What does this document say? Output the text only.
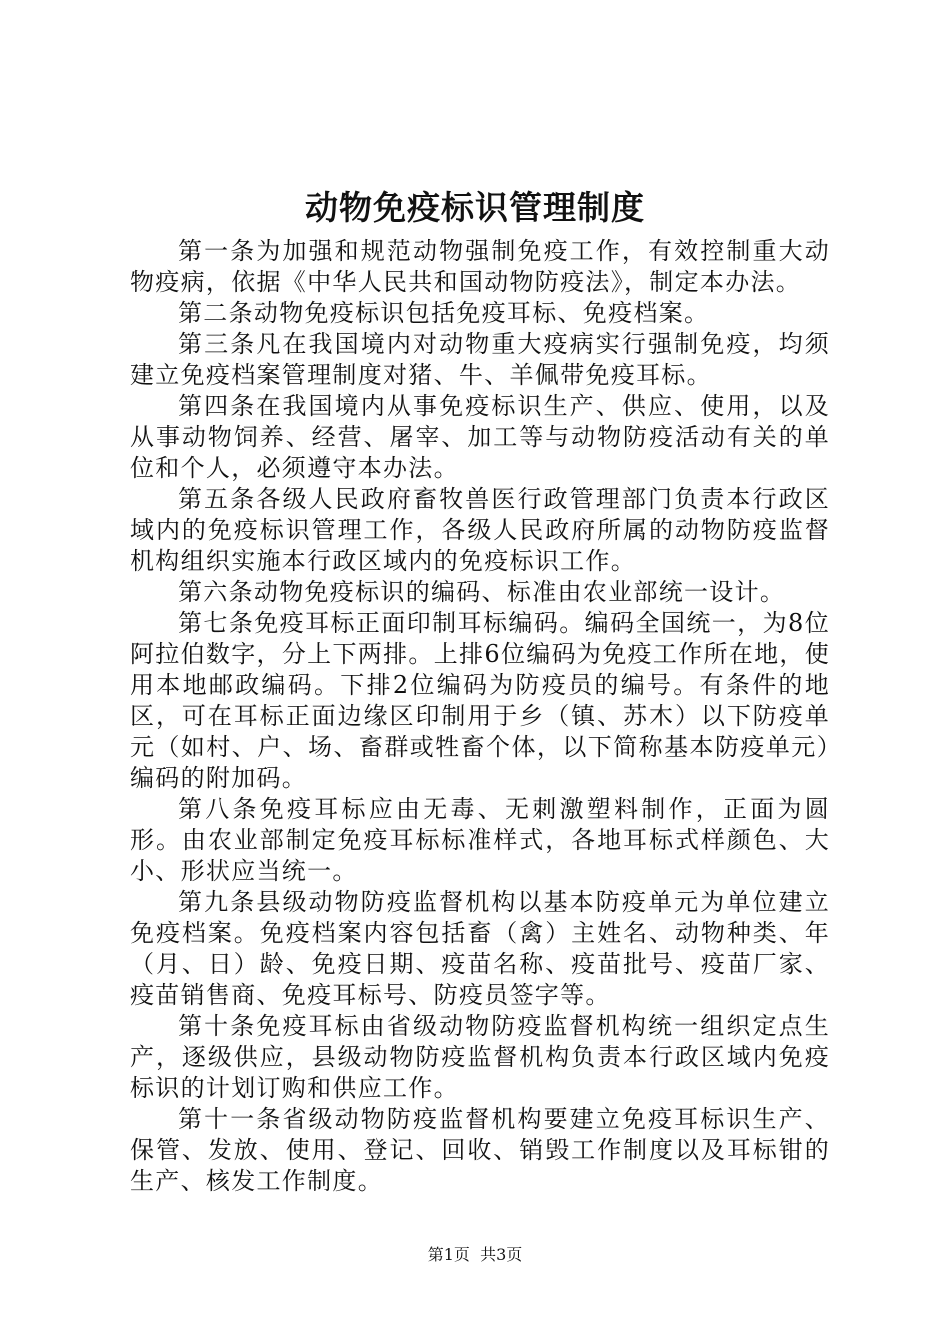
动物免疫标识管理制度

第一条为加强和规范动物强制免疫工作，有效控制重大动物疫病，依据《中华人民共和国动物防疫法》，制定本办法。

第二条动物免疫标识包括免疫耳标、免疫档案。

第三条凡在我国境内对动物重大疫病实行强制免疫，均须建立免疫档案管理制度对猪、牛、羊佩带免疫耳标。

第四条在我国境内从事免疫标识生产、供应、使用，以及从事动物饲养、经营、屠宰、加工等与动物防疫活动有关的单位和个人，必须遵守本办法。

第五条各级人民政府畜牧兽医行政管理部门负责本行政区域内的免疫标识管理工作，各级人民政府所属的动物防疫监督机构组织实施本行政区域内的免疫标识工作。

第六条动物免疫标识的编码、标准由农业部统一设计。

第七条免疫耳标正面印制耳标编码。编码全国统一，为8位阿拉伯数字，分上下两排。上排6位编码为免疫工作所在地，使用本地邮政编码。下排2位编码为防疫员的编号。有条件的地区，可在耳标正面边缘区印制用于乡（镇、苏木）以下防疫单元（如村、户、场、畜群或牲畜个体，以下简称基本防疫单元）编码的附加码。

第八条免疫耳标应由无毒、无刺激塑料制作，正面为圆形。由农业部制定免疫耳标标准样式，各地耳标式样颜色、大小、形状应当统一。

第九条县级动物防疫监督机构以基本防疫单元为单位建立免疫档案。免疫档案内容包括畜（禽）主姓名、动物种类、年（月、日）龄、免疫日期、疫苗名称、疫苗批号、疫苗厂家、疫苗销售商、免疫耳标号、防疫员签字等。

第十条免疫耳标由省级动物防疫监督机构统一组织定点生产，逐级供应，县级动物防疫监督机构负责本行政区域内免疫标识的计划订购和供应工作。

第十一条省级动物防疫监督机构要建立免疫耳标识生产、保管、发放、使用、登记、回收、销毁工作制度以及耳标钳的生产、核发工作制度。

第1页 共3页
